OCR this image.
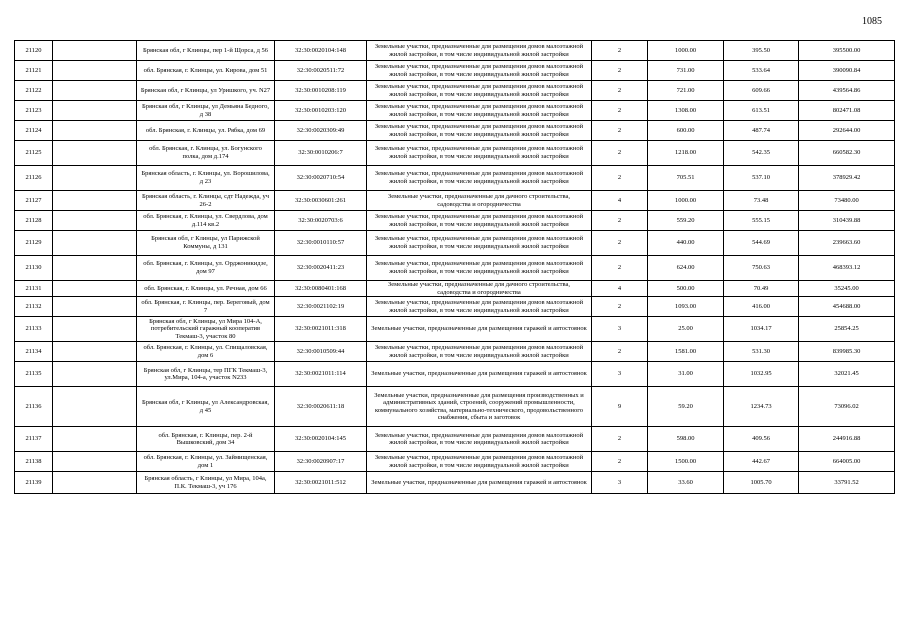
1085
21120		Брянская обл, г Клинцы, пер 1-й Щорса, д 56	32:30:0020104:148	Земельные участки, предназначенные для размещения домов малоэтажной жилой застройки, в том числе индивидуальной жилой застройки	2	1000.00	395.50	395500.00
21121		обл. Брянская, г. Клинцы, ул. Кирова, дом 51	32:30:0020511:72	Земельные участки, предназначенные для размещения домов малоэтажной жилой застройки, в том числе индивидуальной жилой застройки	2	731.00	533.64	390090.84
21122		Брянская обл, г Клинцы, ул Уришкого, уч. N27	32:30:0010208:119	Земельные участки, предназначенные для размещения домов малоэтажной жилой застройки, в том числе индивидуальной жилой застройки	2	721.00	609.66	439564.86
21123		Брянская обл, г Клинцы, ул Демьяна Бедного, д 38	32:30:0010203:120	Земельные участки, предназначенные для размещения домов малоэтажной жилой застройки, в том числе индивидуальной жилой застройки	2	1308.00	613.51	802471.08
21124		обл. Брянская, г. Клинцы, ул. Рябка, дом 69	32:30:0020309:49	Земельные участки, предназначенные для размещения домов малоэтажной жилой застройки, в том числе индивидуальной жилой застройки	2	600.00	487.74	292644.00
21125		обл. Брянская, г. Клинцы, ул. Богунского полка, дом д.174	32:30:0010206:7	Земельные участки, предназначенные для размещения домов малоэтажной жилой застройки, в том числе индивидуальной жилой застройки	2	1218.00	542.35	660582.30
21126		Брянская область, г. Клинцы, ул. Ворошилова, д 23	32:30:0020710:54	Земельные участки, предназначенные для размещения домов малоэтажной жилой застройки, в том числе индивидуальной жилой застройки	2	705.51	537.10	378929.42
21127		Брянская область, г. Клинцы, сдт Надежда, уч 26-2	32:30:0030601:261	Земельные участки, предназначенные для дачного строительства, садоводства и огородничества	4	1000.00	73.48	73480.00
21128		обл. Брянская, г. Клинцы, ул. Свердлова, дом д.114 кв.2	32:30:0020703:6	Земельные участки, предназначенные для размещения домов малоэтажной жилой застройки, в том числе индивидуальной жилой застройки	2	559.20	555.15	310439.88
21129		Брянская обл, г Клинцы, ул Парижской Коммуны, д 131	32:30:0010110:57	Земельные участки, предназначенные для размещения домов малоэтажной жилой застройки, в том числе индивидуальной жилой застройки	2	440.00	544.69	239663.60
21130		обл. Брянская, г. Клинцы, ул. Орджоникидзе, дом 97	32:30:0020411:23	Земельные участки, предназначенные для размещения домов малоэтажной жилой застройки, в том числе индивидуальной жилой застройки	2	624.00	750.63	468393.12
21131		обл. Брянская, г. Клинцы, ул. Речная, дом 66	32:30:0080401:168	Земельные участки, предназначенные для дачного строительства, садоводства и огородничества	4	500.00	70.49	35245.00
21132		обл. Брянская, г. Клинцы, пер. Береговый, дом 7	32:30:0021102:19	Земельные участки, предназначенные для размещения домов малоэтажной жилой застройки, в том числе индивидуальной жилой застройки	2	1093.00	416.00	454688.00
21133		Брянская обл, г Клинцы, ул Мира 104-А, потребительский гаражный кооператив Текмаш-3, участок 80	32:30:0021011:318	Земельные участки, предназначенные для размещения гаражей и автостоянок	3	25.00	1034.17	25854.25
21134		обл. Брянская, г. Клинцы, ул. Спищаловская, дом 6	32:30:0010509:44	Земельные участки, предназначенные для размещения домов малоэтажной жилой застройки, в том числе индивидуальной жилой застройки	2	1581.00	531.30	839985.30
21135		Брянская обл, г Клинцы, тер ПГК Текмаш-3, ул.Мира, 104-а, участок N233	32:30:0021011:114	Земельные участки, предназначенные для размещения гаражей и автостоянок	3	31.00	1032.95	32021.45
21136		Брянская обл, г Клинцы, ул Александровская, д 45	32:30:0020611:18	Земельные участки, предназначенные для размещения производственных и административных зданий, строений, сооружений промышленности, коммунального хозяйства, материально-технического, продовольственного снабжения, сбыта и заготовок	9	59.20	1234.73	73096.02
21137		обл. Брянская, г. Клинцы, пер. 2-й Вышковский, дом 34	32:30:0020104:145	Земельные участки, предназначенные для размещения домов малоэтажной жилой застройки, в том числе индивидуальной жилой застройки	2	598.00	409.56	244916.88
21138		обл. Брянская, г. Клинцы, ул. Займищенская, дом 1	32:30:0020907:17	Земельные участки, предназначенные для размещения домов малоэтажной жилой застройки, в том числе индивидуальной жилой застройки	2	1500.00	442.67	664005.00
21139		Брянская область, г Клинцы, ул Мира, 104а, П.К. Текмаш-3, уч 176	32:30:0021011:512	Земельные участки, предназначенные для размещения гаражей и автостоянок	3	33.60	1005.70	33791.52
